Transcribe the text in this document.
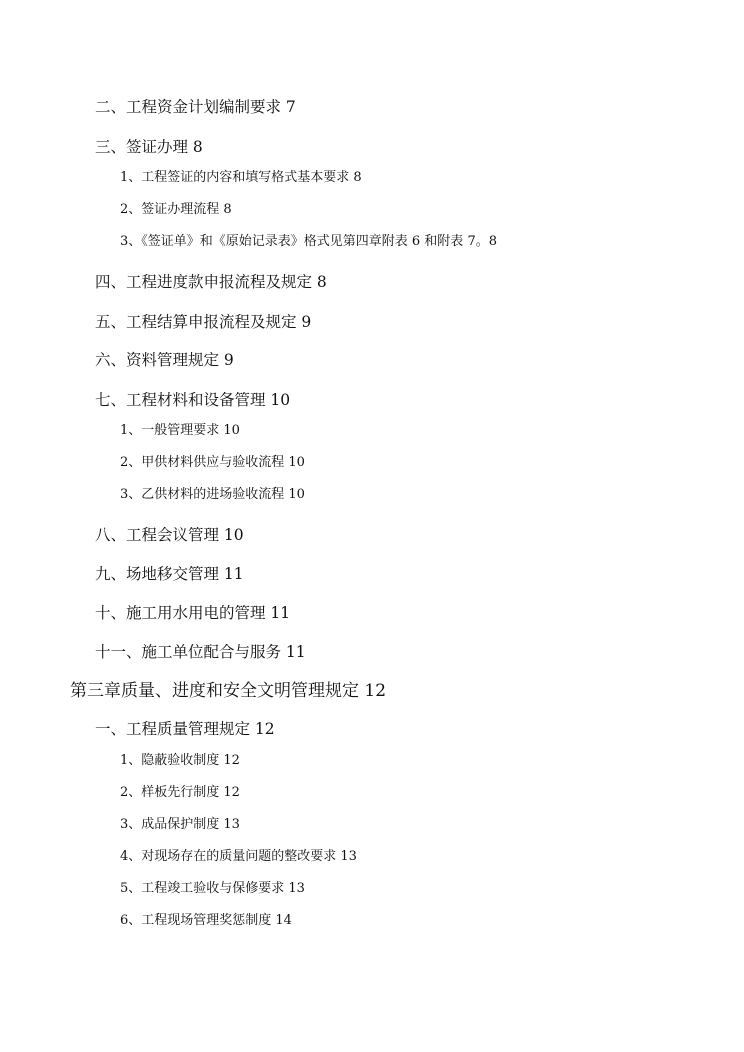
二、工程资金计划编制要求 7
三、签证办理 8
1、工程签证的内容和填写格式基本要求 8
2、签证办理流程 8
3、《签证单》和《原始记录表》格式见第四章附表 6 和附表 7。8
四、工程进度款申报流程及规定 8
五、工程结算申报流程及规定 9
六、资料管理规定 9
七、工程材料和设备管理 10
1、一般管理要求 10
2、甲供材料供应与验收流程 10
3、乙供材料的进场验收流程 10
八、工程会议管理 10
九、场地移交管理 11
十、施工用水用电的管理 11
十一、施工单位配合与服务 11
第三章质量、进度和安全文明管理规定 12
一、工程质量管理规定 12
1、隐蔽验收制度 12
2、样板先行制度 12
3、成品保护制度 13
4、对现场存在的质量问题的整改要求 13
5、工程竣工验收与保修要求 13
6、工程现场管理奖惩制度 14
